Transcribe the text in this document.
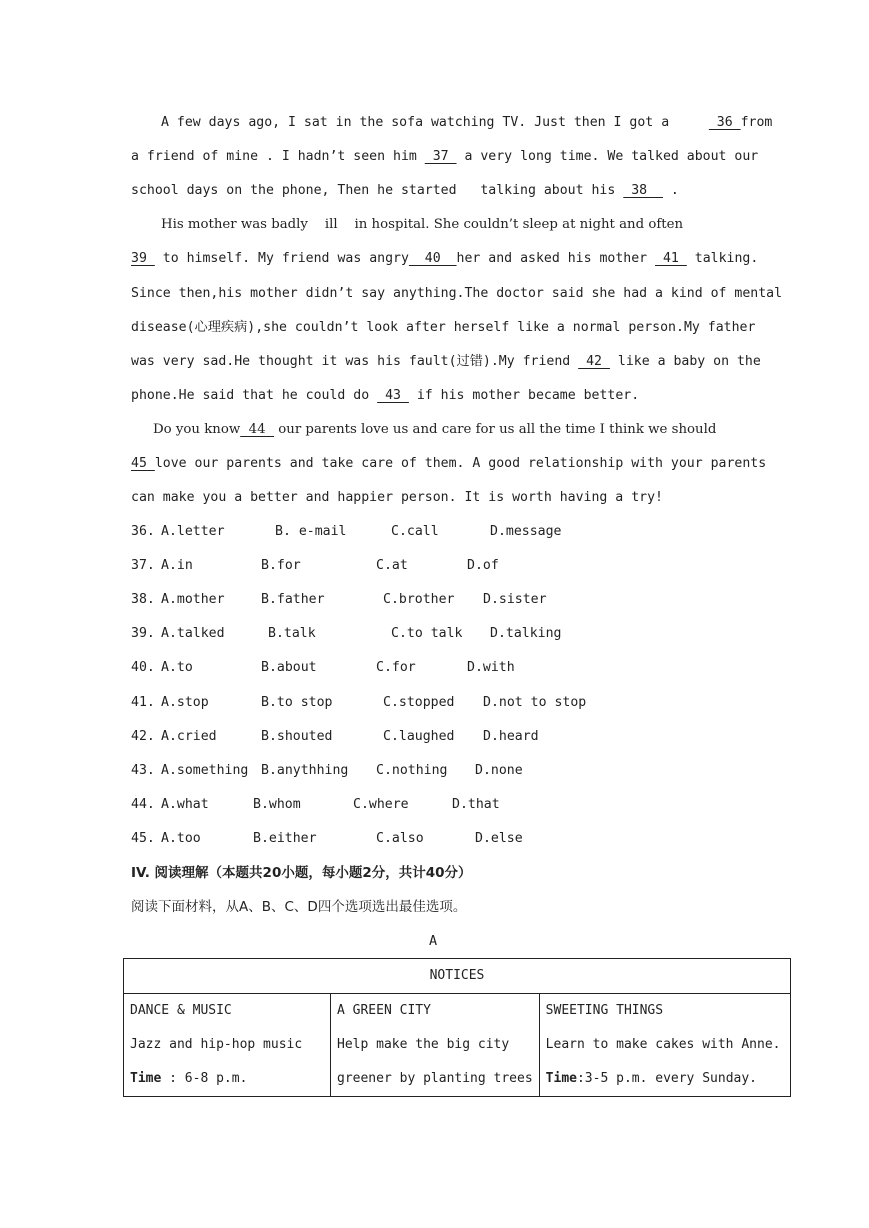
A few days ago, I sat in the sofa watching TV. Just then I got a	36 from
a friend of mine . I hadn’t seen him  37  a very long time. We talked about our
school days on the phone, Then he started   talking about his  38   .
His mother was badly    ill    in hospital. She couldn’t sleep at night and often
39  to himself. My friend was angry  40  her and asked his mother  41  talking.
Since then,his mother didn’t say anything.The doctor said she had a kind of mental
disease(心理疾病),she couldn’t look after herself like a normal person.My father
was very sad.He thought it was his fault(过错).My friend  42  like a baby on the
phone.He said that he could do  43  if his mother became better.
Do you know  44   our parents love us and care for us all the time I think we should
45 love our parents and take care of them. A good relationship with your parents
can make you a better and happier person. It is worth having a try!
36. A.letter	B. e-mail	C.call	D.message
37. A.in	B.for	C.at	D.of
38. A.mother	B.father	C.brother D.sister
39. A.talked	B.talk	C.to talk D.talking
40. A.to	B.about	C.for	D.with
41. A.stop	B.to stop	C.stopped D.not to stop
42. A.cried	B.shouted	C.laughed D.heard
43. A.something B.anythhing C.nothing D.none
44. A.what	B.whom	C.where	D.that
45. A.too	B.either	C.also	D.else
IV. 阅读理解（本题共20小题，每小题2分，共计40分）
阅读下面材料，从A、B、C、D四个选项选出最佳选项。
A
NOTICES

DANCE & MUSIC
Jazz and hip-hop music
Time : 6-8 p.m.

A GREEN CITY
Help make the big city
greener by planting trees

SWEETING THINGS
Learn to make cakes with Anne.
Time:3-5 p.m. every Sunday.
